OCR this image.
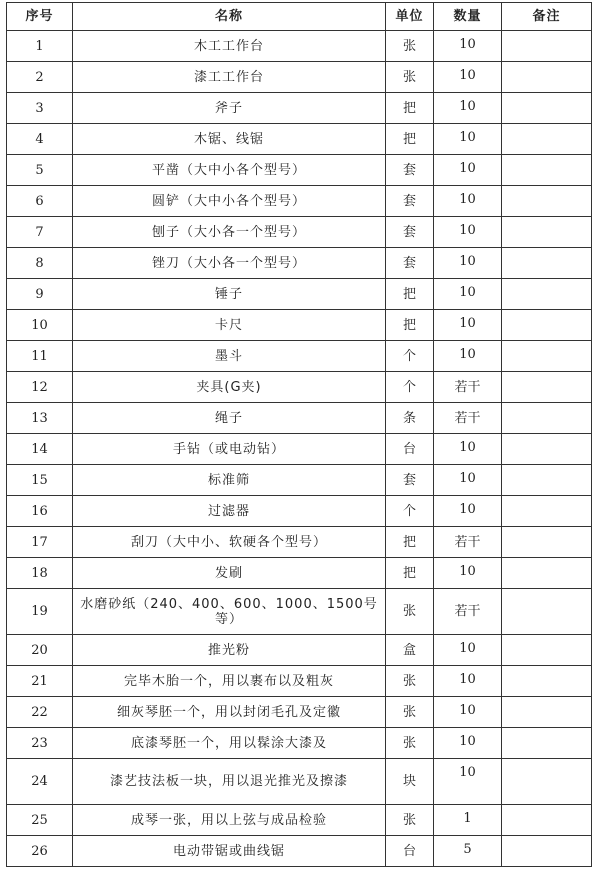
序号	名称	单位	数量	备注
1	木工工作台	张	10	
2	漆工工作台	张	10	
3	斧子	把	10	
4	木锯、线锯	把	10	
5	平凿（大中小各个型号）	套	10	
6	圆铲（大中小各个型号）	套	10	
7	刨子（大小各一个型号）	套	10	
8	锉刀（大小各一个型号）	套	10	
9	锤子	把	10	
10	卡尺	把	10	
11	墨斗	个	10	
12	夹具(G夹)	个	若干	
13	绳子	条	若干	
14	手钻（或电动钻）	台	10	
15	标准筛	套	10	
16	过滤器	个	10	
17	刮刀（大中小、软硬各个型号）	把	若干	
18	发刷	把	10	
19	水磨砂纸（240、400、600、1000、1500号等）	张	若干	
20	推光粉	盒	10	
21	完毕木胎一个，用以裹布以及粗灰	张	10	
22	细灰琴胚一个，用以封闭毛孔及定徽	张	10	
23	底漆琴胚一个，用以髹涂大漆及	张	10	
24	漆艺技法板一块，用以退光推光及擦漆	块	10	
25	成琴一张，用以上弦与成品检验	张	1	
26	电动带锯或曲线锯	台	5	
